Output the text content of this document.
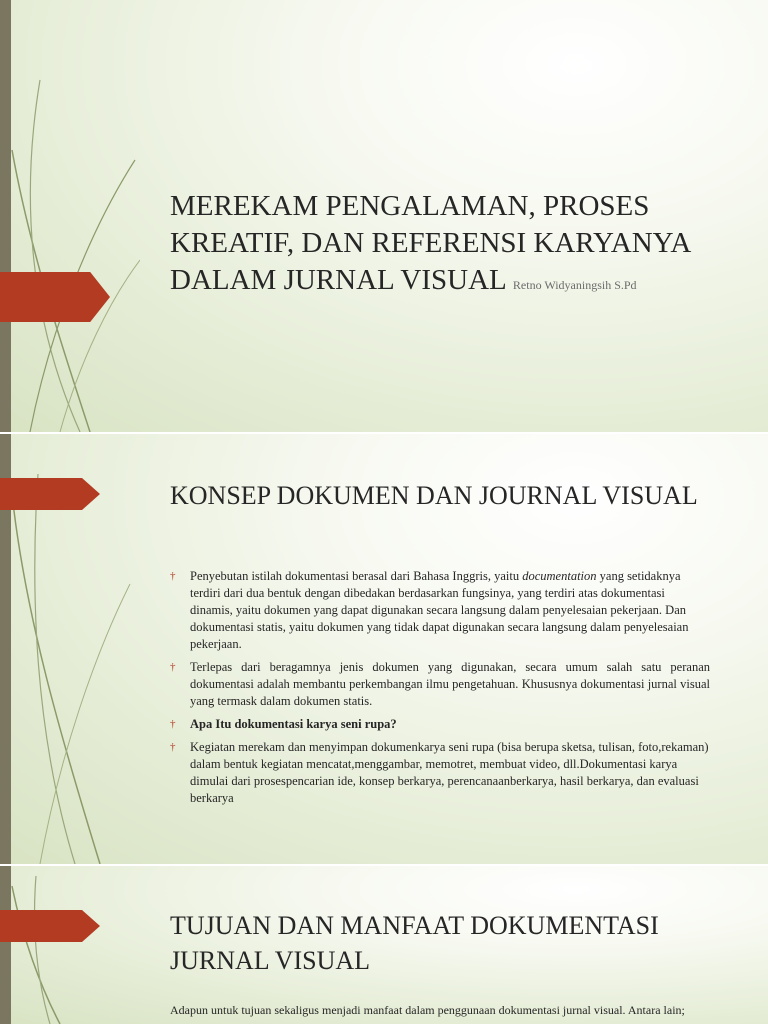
MEREKAM PENGALAMAN, PROSES KREATIF, DAN REFERENSI KARYANYA DALAM JURNAL VISUAL Retno Widyaningsih S.Pd
KONSEP DOKUMEN DAN JOURNAL VISUAL
† Penyebutan istilah dokumentasi berasal dari Bahasa Inggris, yaitu documentation yang setidaknya terdiri dari dua bentuk dengan dibedakan berdasarkan fungsinya, yang terdiri atas dokumentasi dinamis, yaitu dokumen yang dapat digunakan secara langsung dalam penyelesaian pekerjaan. Dan dokumentasi statis, yaitu dokumen yang tidak dapat digunakan secara langsung dalam penyelesaian pekerjaan.
† Terlepas dari beragamnya jenis dokumen yang digunakan, secara umum salah satu peranan dokumentasi adalah membantu perkembangan ilmu pengetahuan. Khususnya dokumentasi jurnal visual yang termask dalam dokumen statis.
† Apa Itu dokumentasi karya seni rupa?
† Kegiatan merekam dan menyimpan dokumenkarya seni rupa (bisa berupa sketsa, tulisan, foto,rekaman) dalam bentuk kegiatan mencatat,menggambar, memotret, membuat video, dll.Dokumentasi karya dimulai dari prosespencarian ide, konsep berkarya, perencanaanberkarya, hasil berkarya, dan evaluasi berkarya
TUJUAN DAN MANFAAT DOKUMENTASI JURNAL VISUAL

Adapun untuk tujuan sekaligus menjadi manfaat dalam penggunaan dokumentasi jurnal visual. Antara lain;
